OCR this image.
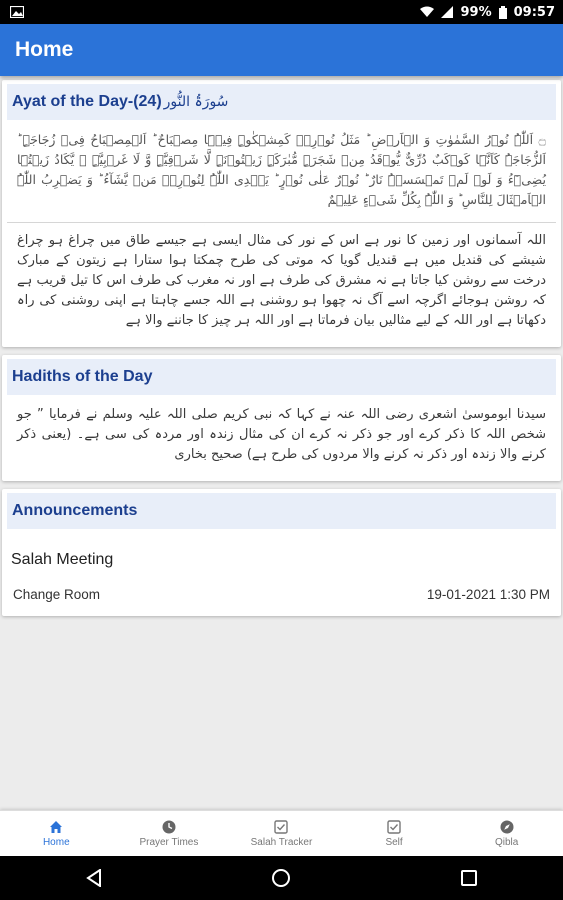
99% 09:57
Home
Ayat of the Day-(24) سُورَۃُ النُّور
۝ اَللّٰہُ نُوۡرُ السَّمٰوٰتِ وَ الۡاَرۡضِ ؕ مَثَلُ نُوۡرِہٖ کَمِشۡکٰوۃٍ فِیۡہَا مِصۡبَاحٌ ؕ اَلۡمِصۡبَاحُ فِیۡ زُجَاجَۃٍ ؕ اَلزُّجَاجَۃُ کَاَنَّہَا کَوۡکَبٌ دُرِّیٌّ یُّوۡقَدُ مِنۡ شَجَرَۃٍ مُّبٰرَکَۃٍ زَیۡتُوۡنَۃٍ لَّا شَرۡقِیَّۃٍ وَّ لَا غَرۡبِیَّۃٍ ۙ یَّکَادُ زَیۡتُہَا یُضِیۡٓءُ وَ لَوۡ لَمۡ تَمۡسَسۡہُ نَارٌ ؕ نُوۡرٌ عَلٰی نُوۡرٍ ؕ یَہۡدِی اللّٰہُ لِنُوۡرِہٖ مَنۡ یَّشَآءُ ؕ وَ یَضۡرِبُ اللّٰہُ الۡاَمۡثَالَ لِلنَّاسِ ؕ وَ اللّٰہُ بِکُلِّ شَیۡءٍ عَلِیۡمٌ
اللہ آسمانوں اور زمین کا نور ہے اس کے نور کی مثال ایسی ہے جیسے طاق میں چراغ ہو چراغ شیشے کی قندیل میں ہے قندیل گویا کہ موتی کی طرح چمکتا ہوا ستارا ہے زیتون کے مبارک درخت سے روشن کیا جاتا ہے نہ مشرق کی طرف ہے اور نہ مغرب کی طرف اس کا تیل قریب ہے کہ روشن ہوجائے اگرچہ اسے آگ نہ چھوا ہو روشنی ہے اللہ جسے چاہتا ہے اپنی روشنی کی راہ دکھاتا ہے اور اللہ کے لیے مثالیں بیان فرماتا ہے اور اللہ ہر چیز کا جاننے والا ہے
Hadiths of the Day
سیدنا ابوموسیٰ اشعری رضی اللہ عنہ نے کہا کہ نبی کریم صلی اللہ علیہ وسلم نے فرمایا ” جو شخص اللہ کا ذکر کرے اور جو ذکر نہ کرے ان کی مثال زندہ اور مردہ کی سی ہے۔ (یعنی ذکر کرنے والا زندہ اور ذکر نہ کرنے والا مردوں کی طرح ہے) صحیح بخاری
Announcements
Salah Meeting
Change Room	19-01-2021 1:30 PM
Home	Prayer Times	Salah Tracker	Self	Qibla
